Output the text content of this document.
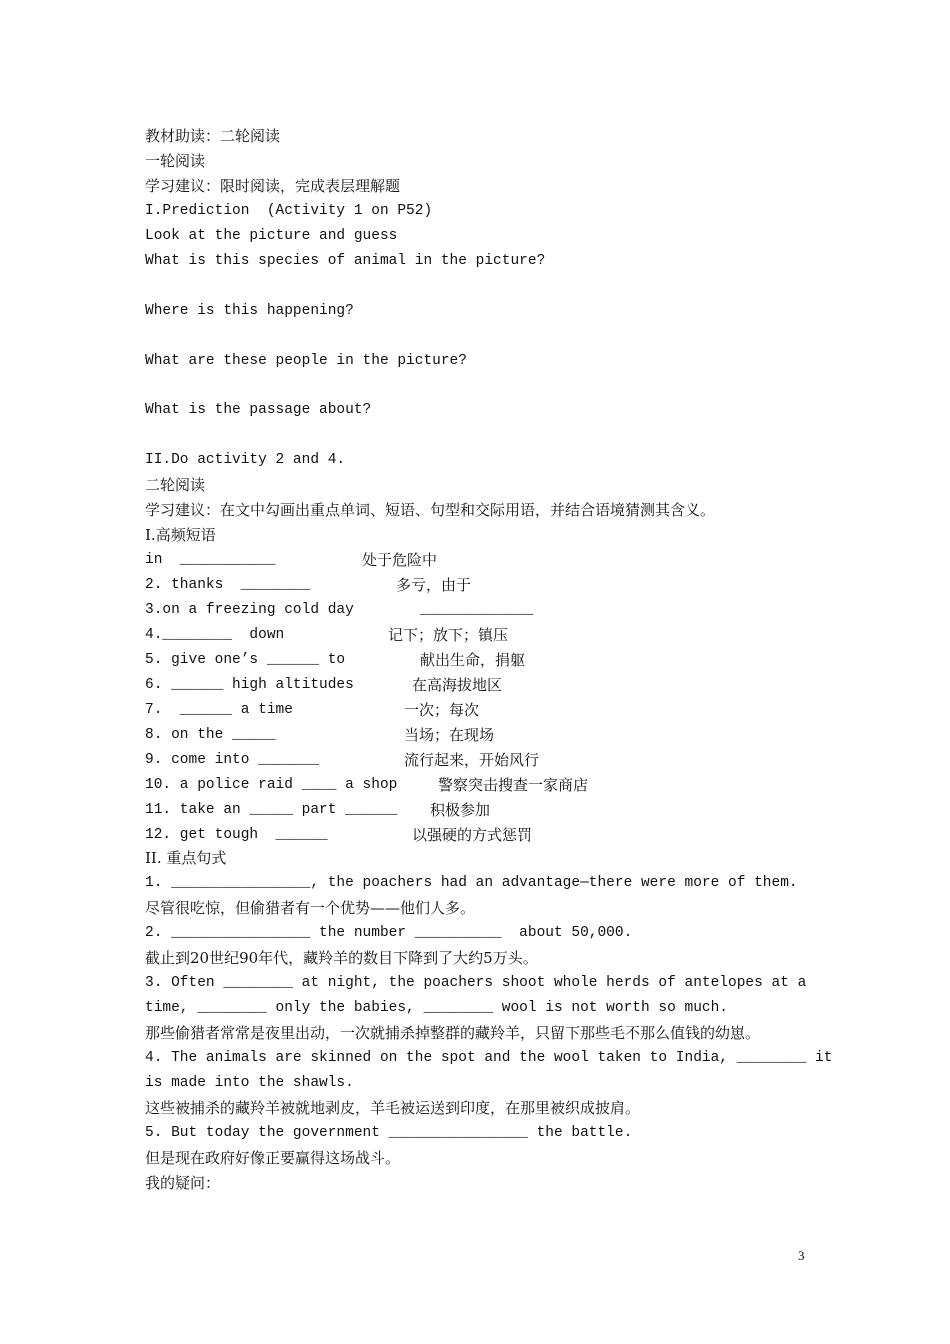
教材助读：二轮阅读
一轮阅读
学习建议：限时阅读，完成表层理解题
I.Prediction  (Activity 1 on P52)
Look at the picture and guess
What is this species of animal in the picture?
Where is this happening?
What are these people in the picture?
What is the passage about?
II.Do activity 2 and 4.
二轮阅读
学习建议：在文中勾画出重点单词、短语、句型和交际用语，并结合语境猜测其含义。
I.高频短语
in  ___________	处于危险中
2. thanks  ________	多亏，由于
3.on a freezing cold day	_____________
4.________  down	记下；放下；镇压
5. give one’s ______ to	献出生命，捐躯
6. ______ high altitudes	在高海拔地区
7.  ______ a time	一次；每次
8. on the _____	当场；在现场
9. come into _______	流行起来，开始风行
10. a police raid ____ a shop	警察突击搜查一家商店
11. take an _____ part ______ 积极参加
12. get tough  ______	以强硬的方式惩罚
II. 重点句式
1. ________________, the poachers had an advantage—there were more of them.
尽管很吃惊，但偷猎者有一个优势——他们人多。
2. ________________ the number __________  about 50,000.
截止到20世纪90年代，藏羚羊的数目下降到了大约5万头。
3. Often ________ at night, the poachers shoot whole herds of antelopes at a
time, ________ only the babies, ________ wool is not worth so much.
那些偷猎者常常是夜里出动，一次就捕杀掉整群的藏羚羊，只留下那些毛不那么值钱的幼崽。
4. The animals are skinned on the spot and the wool taken to India, ________ it
is made into the shawls.
这些被捕杀的藏羚羊被就地剥皮，羊毛被运送到印度，在那里被织成披肩。
5. But today the government ________________ the battle.
但是现在政府好像正要赢得这场战斗。
我的疑问：
3
